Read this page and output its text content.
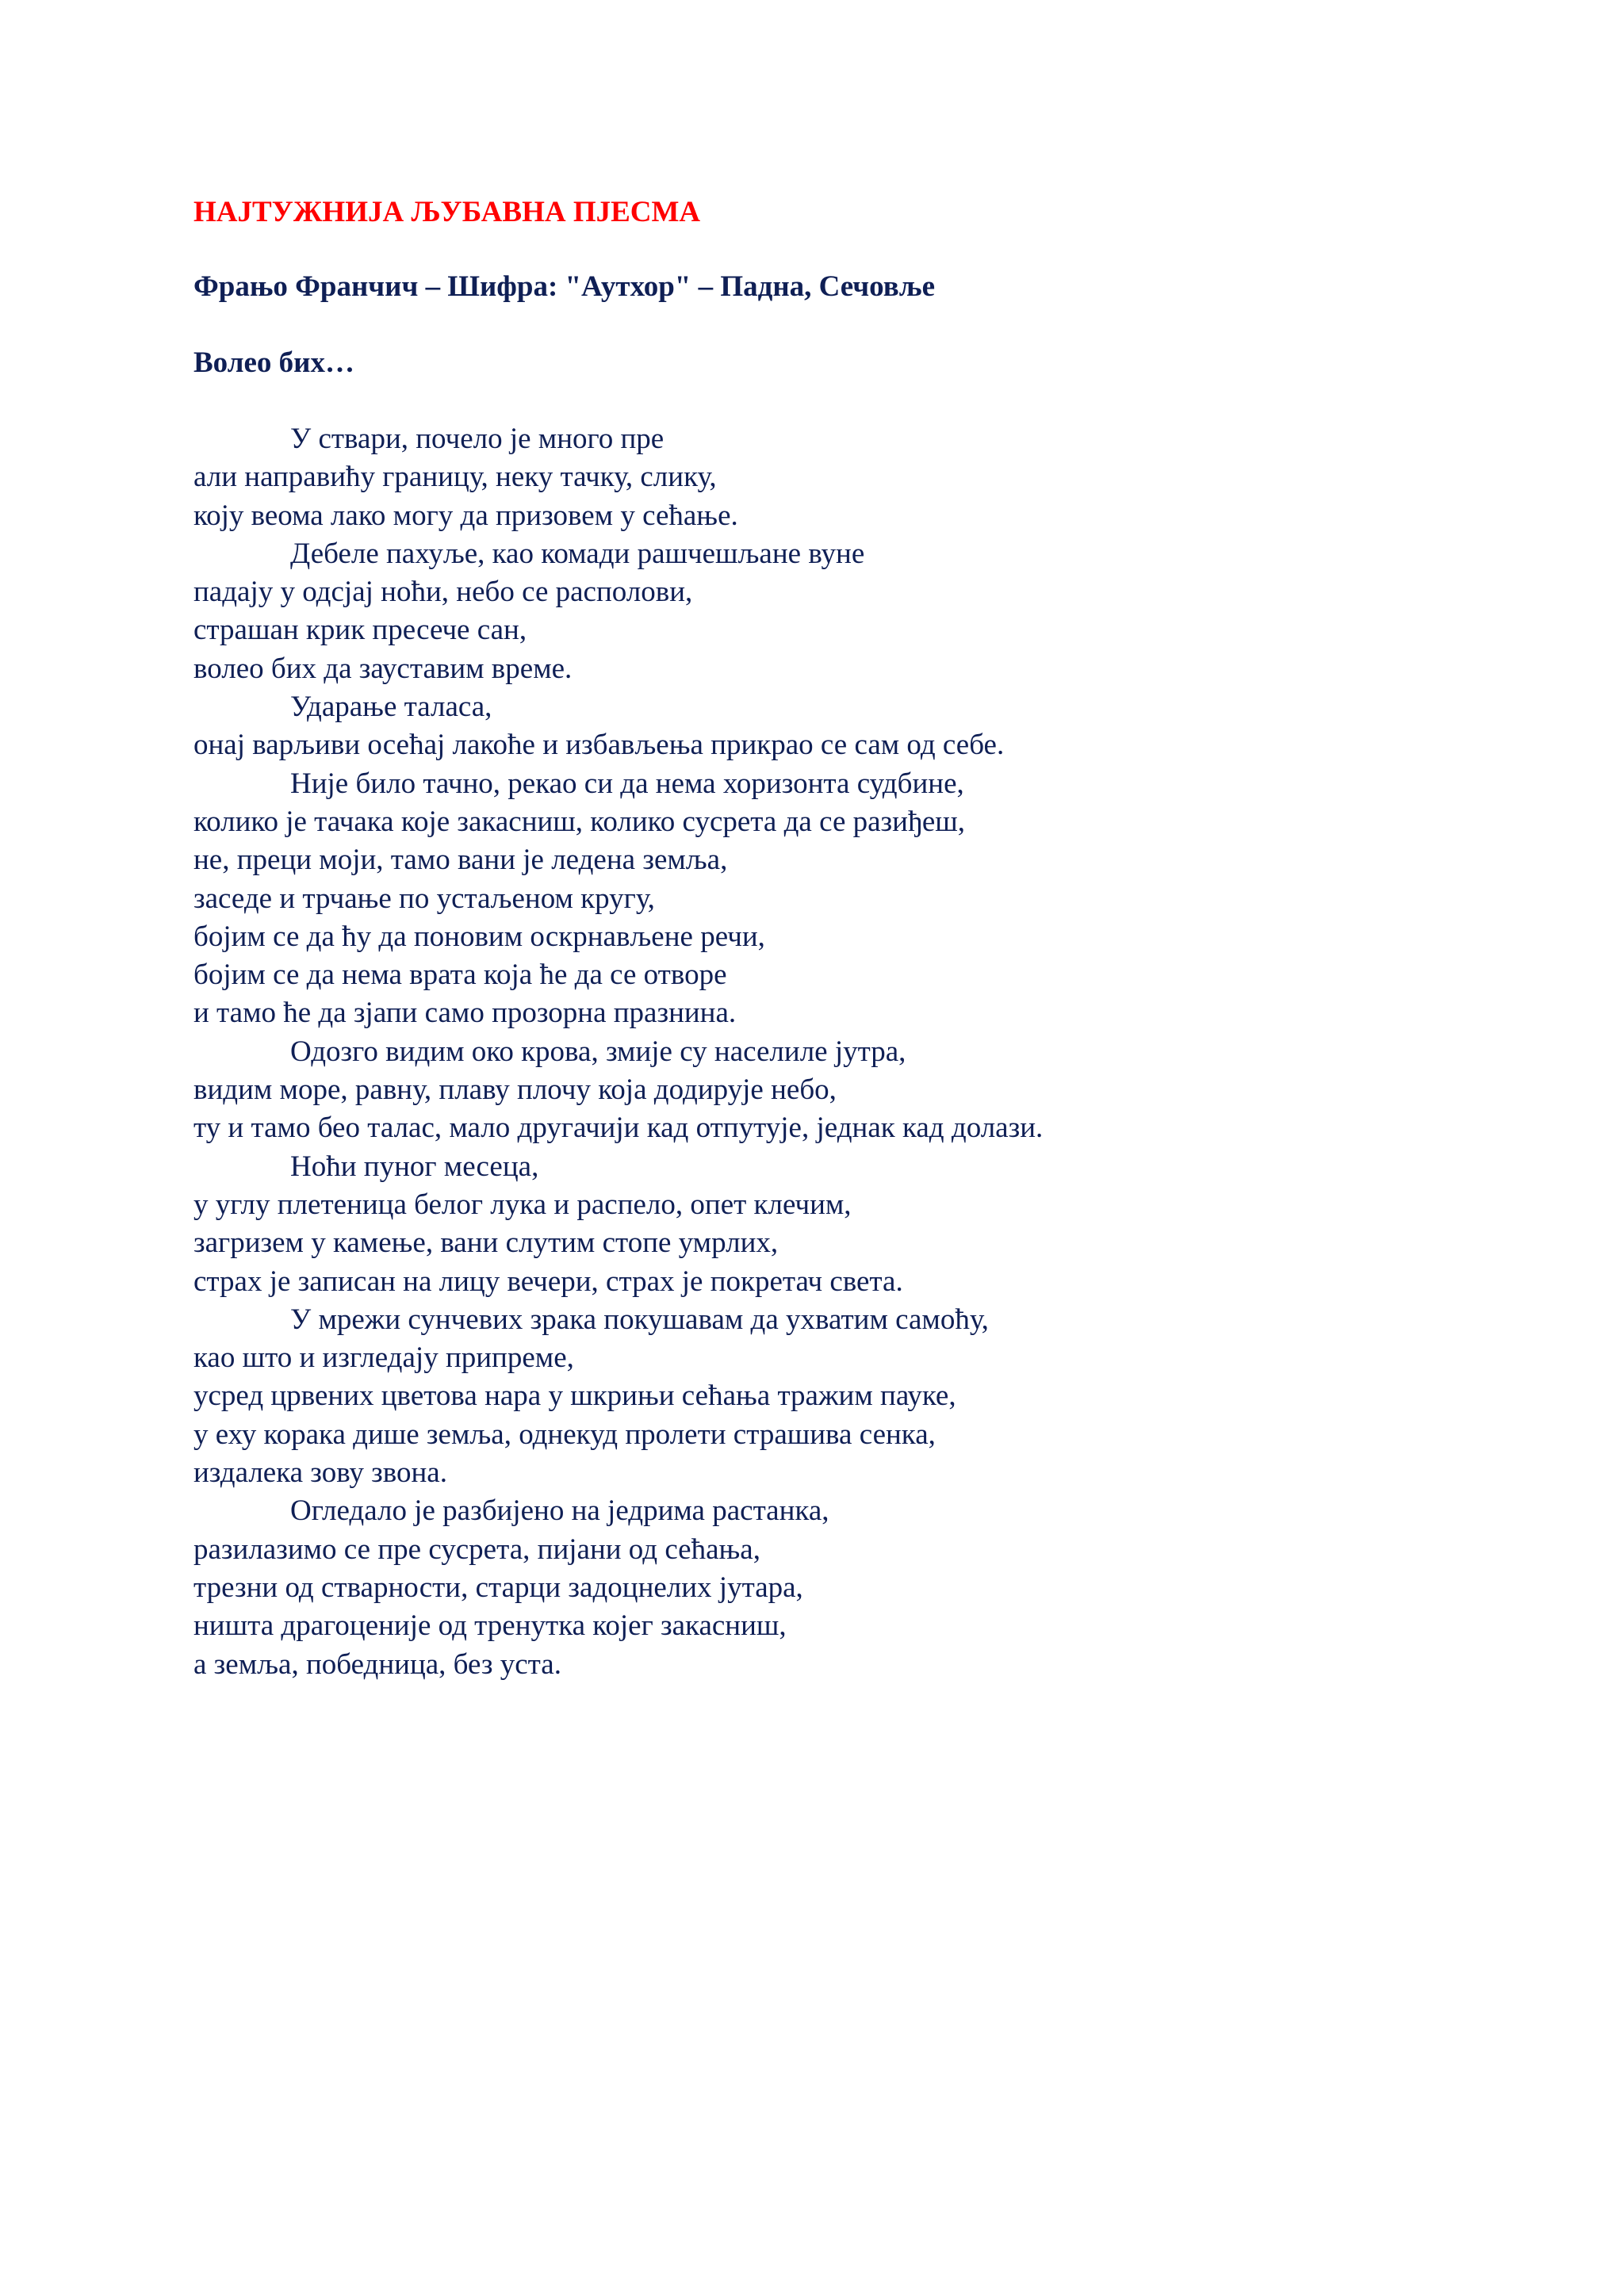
НАЈТУЖНИЈА ЉУБАВНА ПЈЕСМА
Фрањо Франчич – Шифра: "Аутхор" – Падна, Сечовље
Волео бих…
У ствари, почело је много пре
али направићу границу, неку тачку, слику,
коју веома лако могу да призовем у сећање.
Дебеле пахуље, као комади рашчешљане вуне
падају у одсјај ноћи, небо се располови,
страшан крик пресече сан,
волео бих да зауставим време.
Ударање таласа,
онај варљиви осећај лакоће и избављења прикрао се сам од себе.
Није било тачно, рекао си да нема хоризонта судбине,
колико је тачака које закасниш, колико сусрета да се разиђеш,
не, преци моји, тамо вани је ледена земља,
заседе и трчање по устаљеном кругу,
бојим се да ћу да поновим оскрнављене речи,
бојим се да нема врата која ће да се отворе
и тамо ће да зјапи само прозорна празнина.
Одозго видим око крова, змије су населиле јутра,
видим море, равну, плаву плочу која додирује небо,
ту и тамо бео талас, мало другачији кад отпутује, једнак кад долази.
Ноћи пуног месеца,
у углу плетеница белог лука и распело, опет клечим,
загризем у камење, вани слутим стопе умрлих,
страх је записан на лицу вечери, страх је покретач света.
У мрежи сунчевих зрака покушавам да ухватим самоћу,
као што и изгледају припреме,
усред црвених цветова нара у шкрињи сећања тражим пауке,
у еху корака дише земља, однекуд пролети страшива сенка,
издалека зову звона.
Огледало је разбијено на једрима растанка,
разилазимо се пре сусрета, пијани од сећања,
трезни од стварности, старци задоцнелих јутара,
ништа драгоценије од тренутка којег закасниш,
а земља, победница, без уста.
